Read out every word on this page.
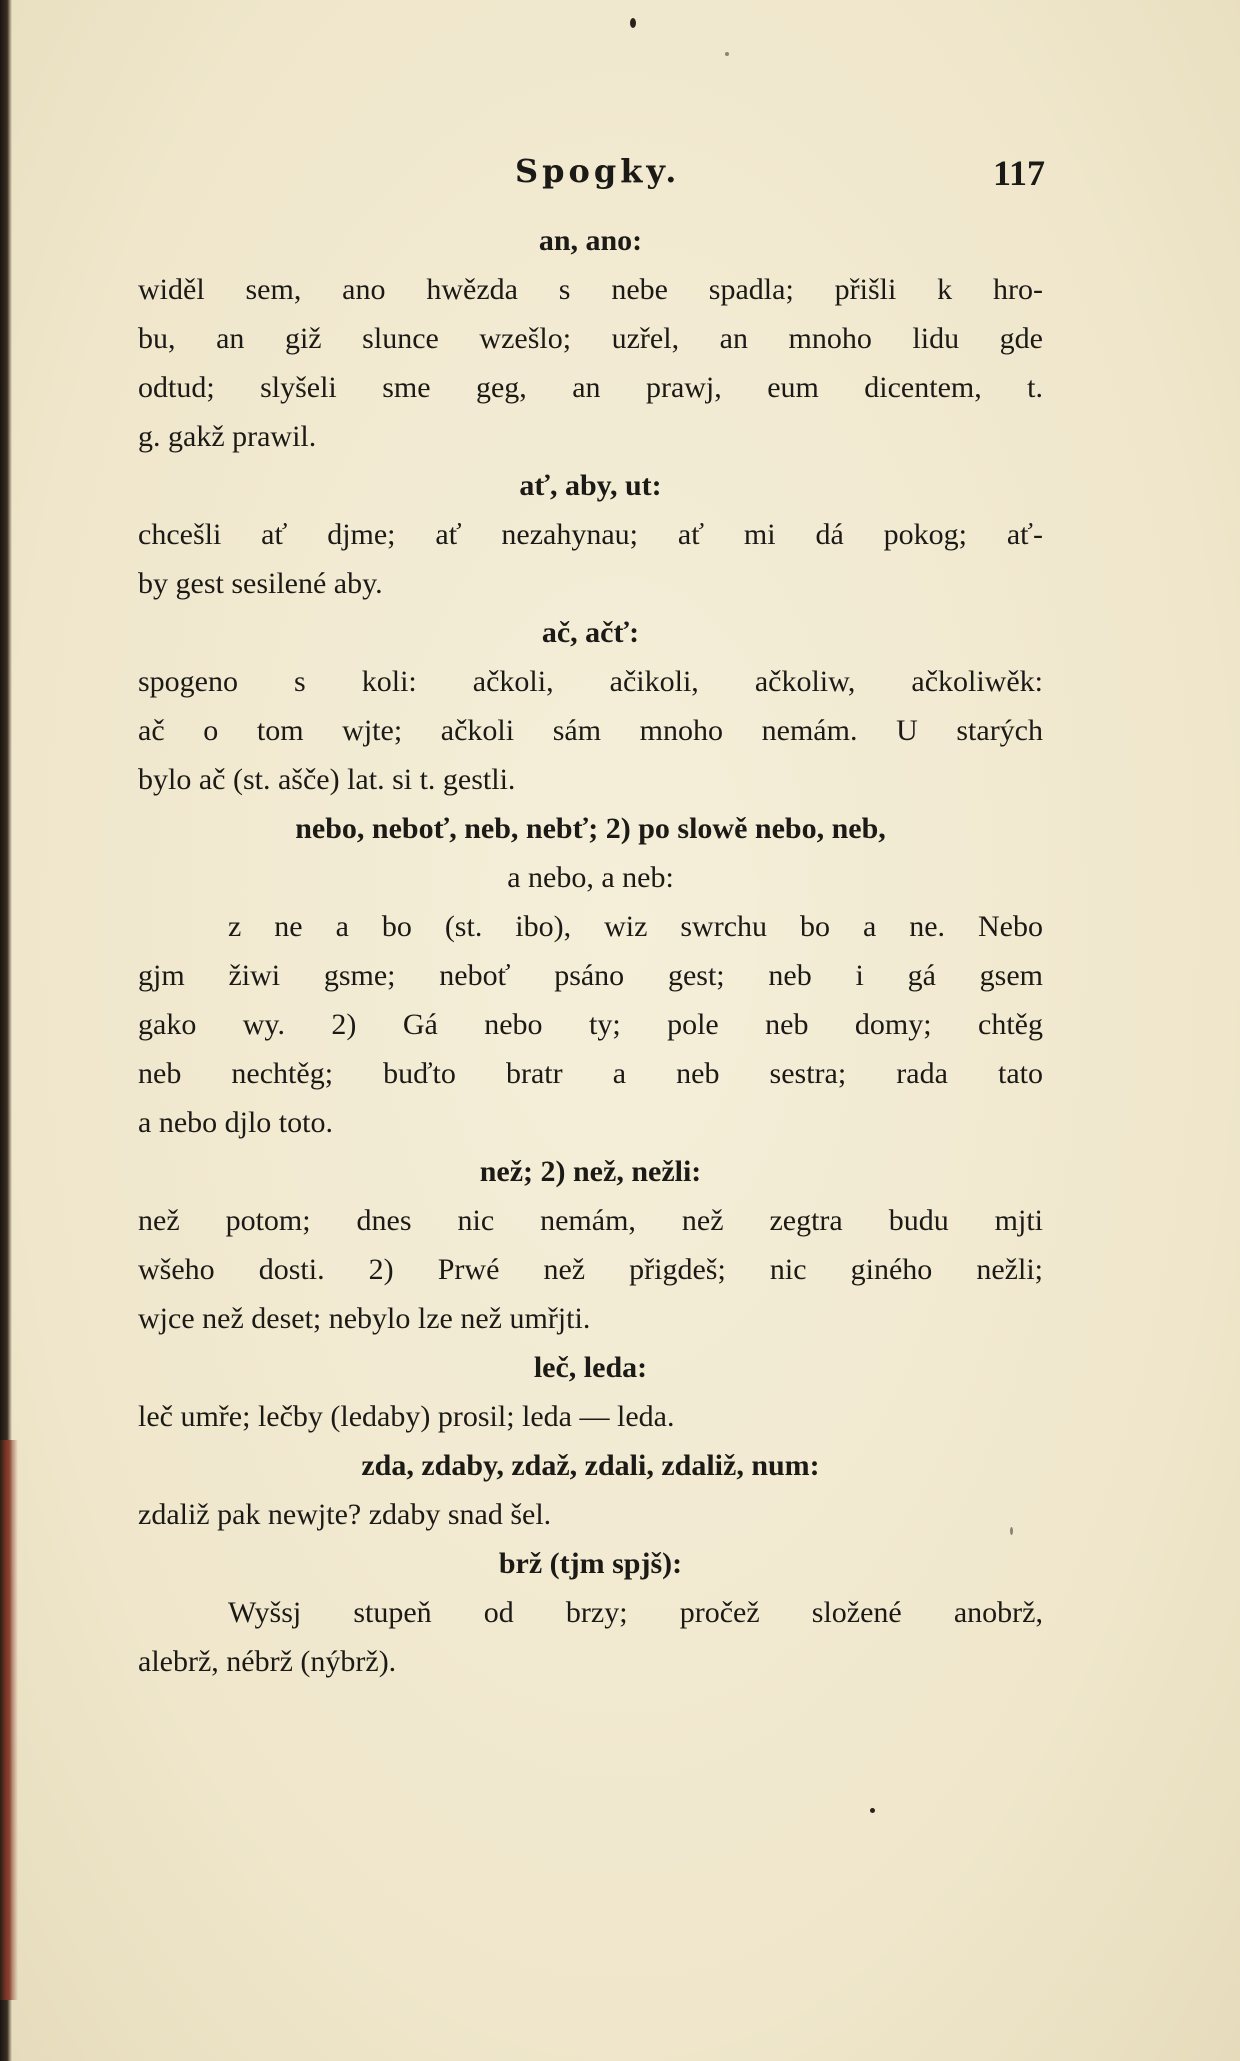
Spogky.	117
an, ano:
widěl sem, ano hwězda s nebe spadla; přišli k hro-
bu, an giž slunce wzešlo; uzřel, an mnoho lidu gde
odtud; slyšeli sme geg, an prawj, eum dicentem, t.
g. gakž prawil.
ať, aby, ut:
chcešli ať djme; ať nezahynau; ať mi dá pokog; ať-
by gest sesilené aby.
ač, ačť:
spogeno s koli: ačkoli, ačikoli, ačkoliw, ačkoliwěk:
ač o tom wjte; ačkoli sám mnoho nemám. U starých
bylo ač (st. ašče) lat. si t. gestli.
nebo, neboť, neb, nebť; 2) po slowě nebo, neb,
a nebo, a neb:
z ne a bo (st. ibo), wiz swrchu bo a ne. Nebo
gjm žiwi gsme; neboť psáno gest; neb i gá gsem
gako wy. 2) Gá nebo ty; pole neb domy; chtěg
neb nechtěg; buďto bratr a neb sestra; rada tato
a nebo djlo toto.
než; 2) než, nežli:
než potom; dnes nic nemám, než zegtra budu mjti
wšeho dosti. 2) Prwé než přigdeš; nic giného nežli;
wjce než deset; nebylo lze než umřjti.
leč, leda:
leč umře; lečby (ledaby) prosil; leda — leda.
zda, zdaby, zdaž, zdali, zdaliž, num:
zdaliž pak newjte? zdaby snad šel.
brž (tjm spjš):
Wyšsj stupeň od brzy; pročež složené anobrž,
alebrž, nébrž (nýbrž).
